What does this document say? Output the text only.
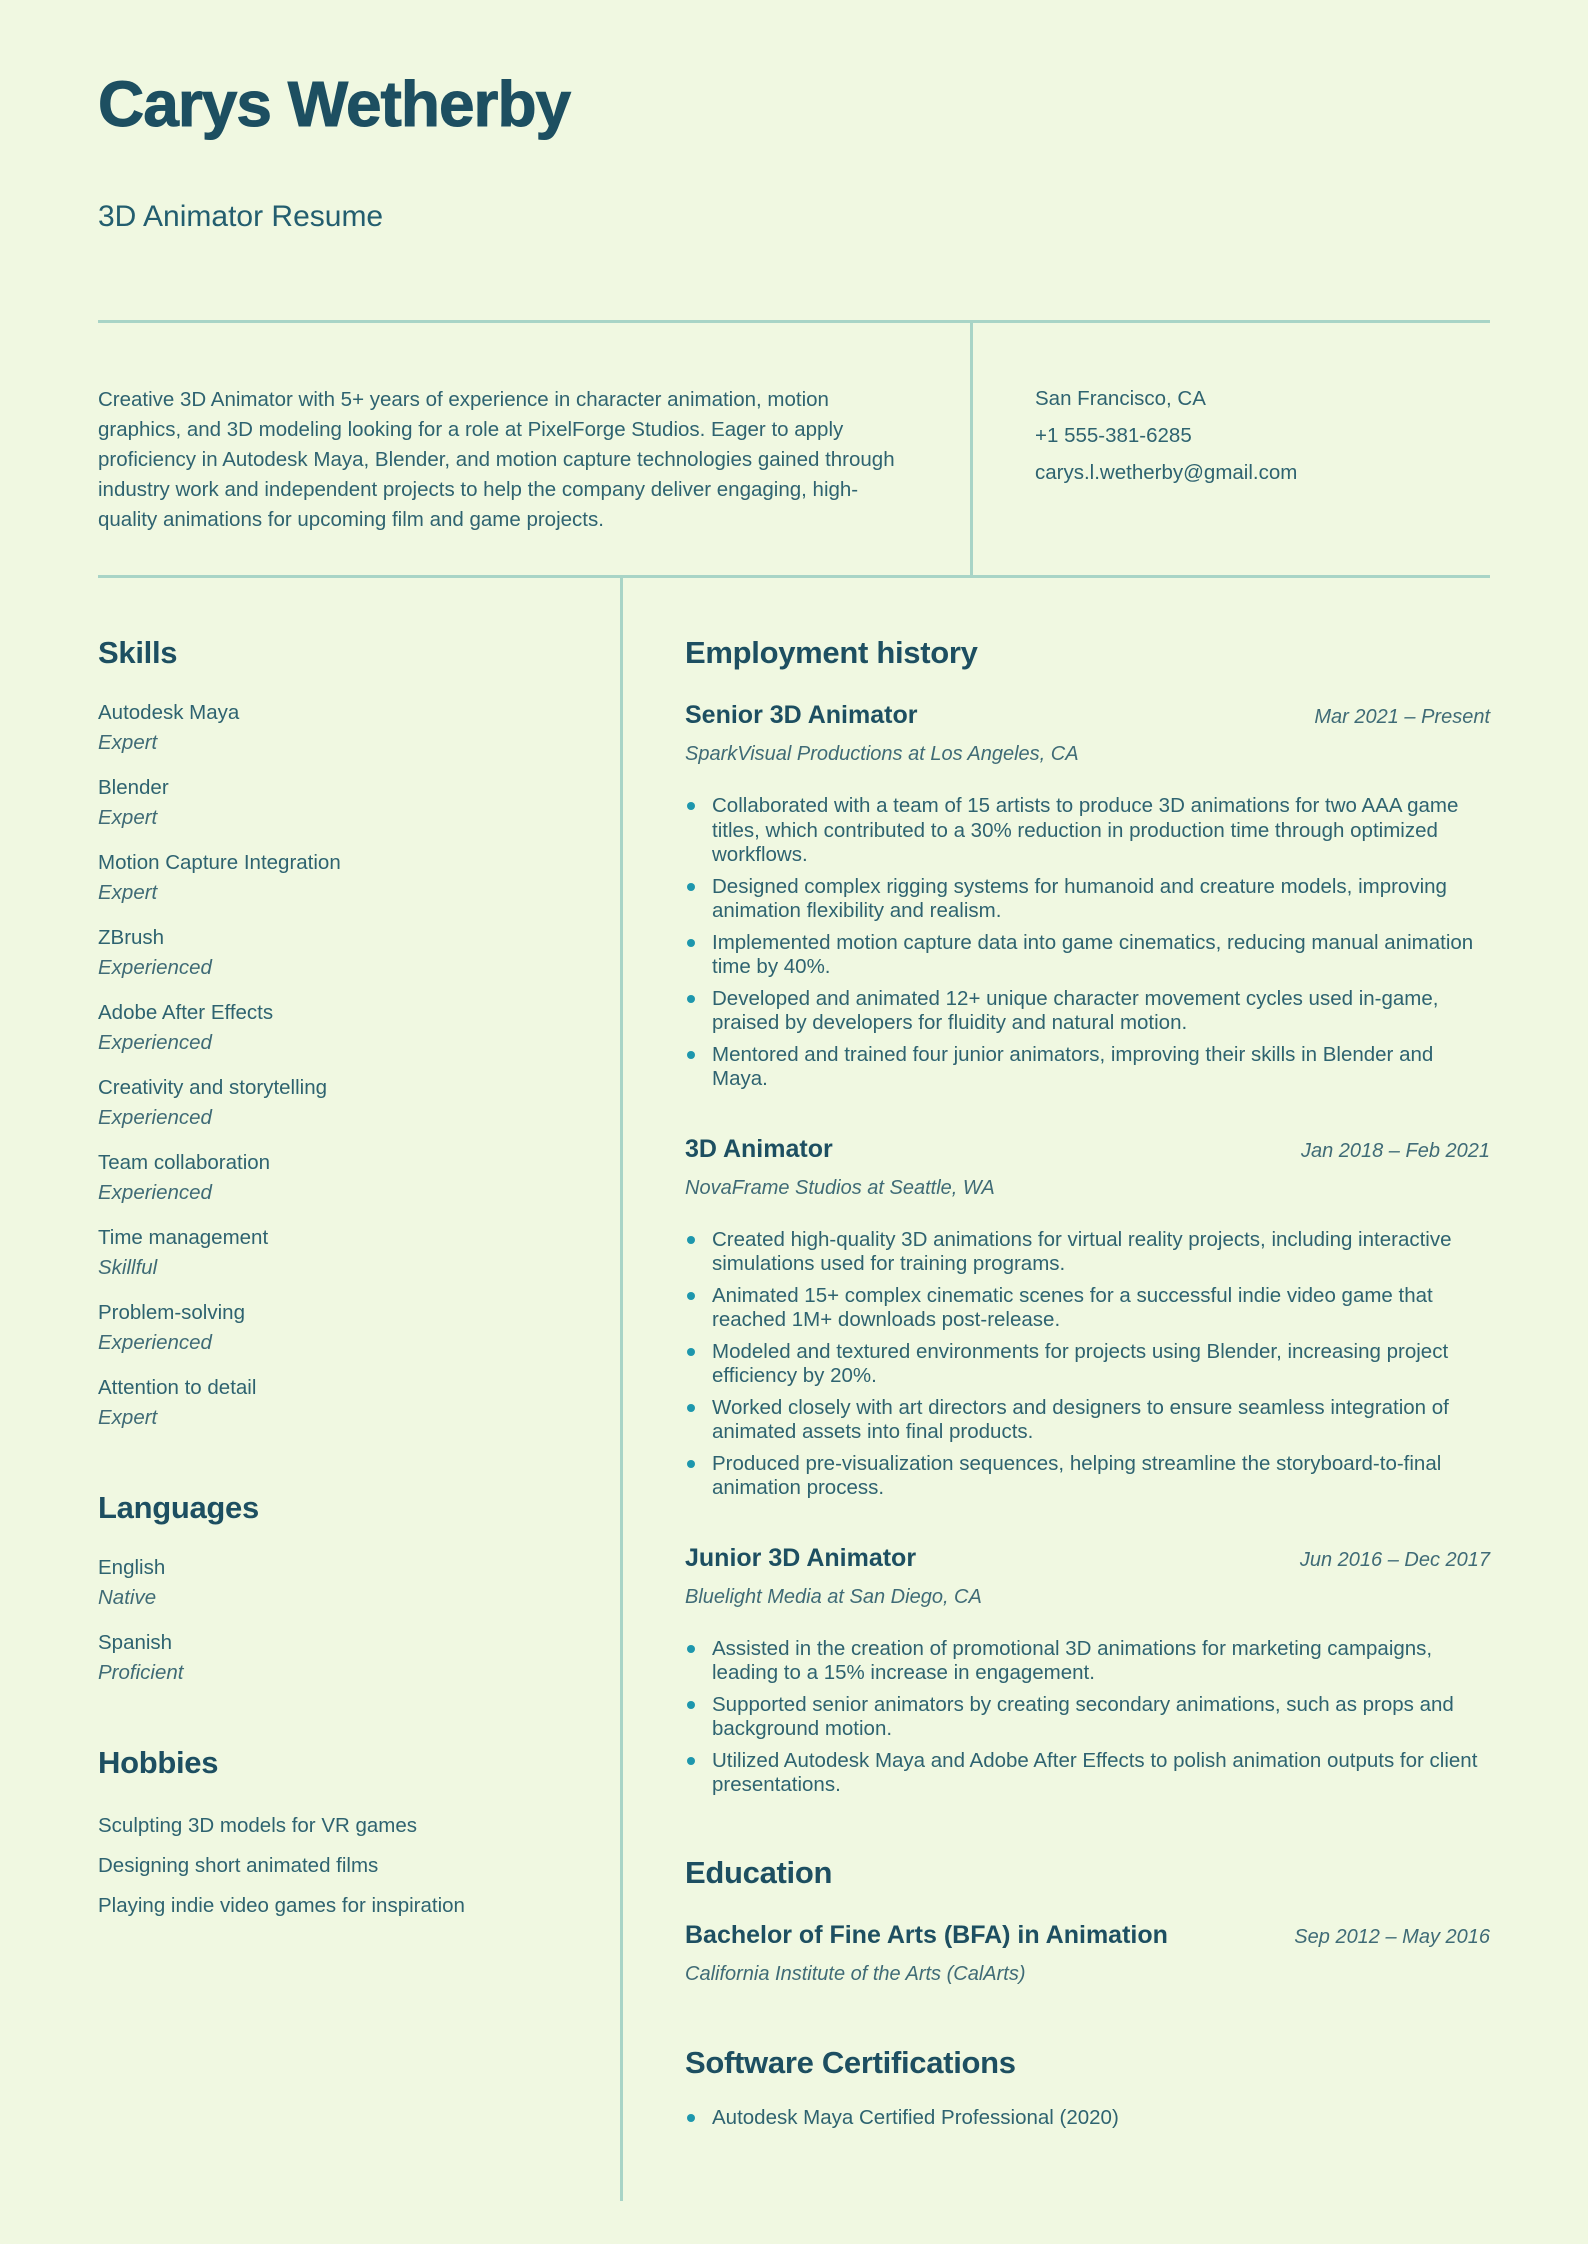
Carys Wetherby
3D Animator Resume

Creative 3D Animator with 5+ years of experience in character animation, motion graphics, and 3D modeling looking for a role at PixelForge Studios. Eager to apply proficiency in Autodesk Maya, Blender, and motion capture technologies gained through industry work and independent projects to help the company deliver engaging, high-quality animations for upcoming film and game projects.

San Francisco, CA
+1 555-381-6285
carys.l.wetherby@gmail.com
Skills
Autodesk Maya
Expert
Blender
Expert
Motion Capture Integration
Expert
ZBrush
Experienced
Adobe After Effects
Experienced
Creativity and storytelling
Experienced
Team collaboration
Experienced
Time management
Skillful
Problem-solving
Experienced
Attention to detail
Expert
Languages
English
Native
Spanish
Proficient
Hobbies
Sculpting 3D models for VR games
Designing short animated films
Playing indie video games for inspiration
Employment history
Senior 3D Animator	Mar 2021 – Present
SparkVisual Productions at Los Angeles, CA
Collaborated with a team of 15 artists to produce 3D animations for two AAA game titles, which contributed to a 30% reduction in production time through optimized workflows.
Designed complex rigging systems for humanoid and creature models, improving animation flexibility and realism.
Implemented motion capture data into game cinematics, reducing manual animation time by 40%.
Developed and animated 12+ unique character movement cycles used in-game, praised by developers for fluidity and natural motion.
Mentored and trained four junior animators, improving their skills in Blender and Maya.
3D Animator	Jan 2018 – Feb 2021
NovaFrame Studios at Seattle, WA
Created high-quality 3D animations for virtual reality projects, including interactive simulations used for training programs.
Animated 15+ complex cinematic scenes for a successful indie video game that reached 1M+ downloads post-release.
Modeled and textured environments for projects using Blender, increasing project efficiency by 20%.
Worked closely with art directors and designers to ensure seamless integration of animated assets into final products.
Produced pre-visualization sequences, helping streamline the storyboard-to-final animation process.
Junior 3D Animator	Jun 2016 – Dec 2017
Bluelight Media at San Diego, CA
Assisted in the creation of promotional 3D animations for marketing campaigns, leading to a 15% increase in engagement.
Supported senior animators by creating secondary animations, such as props and background motion.
Utilized Autodesk Maya and Adobe After Effects to polish animation outputs for client presentations.
Education
Bachelor of Fine Arts (BFA) in Animation	Sep 2012 – May 2016
California Institute of the Arts (CalArts)
Software Certifications
Autodesk Maya Certified Professional (2020)
